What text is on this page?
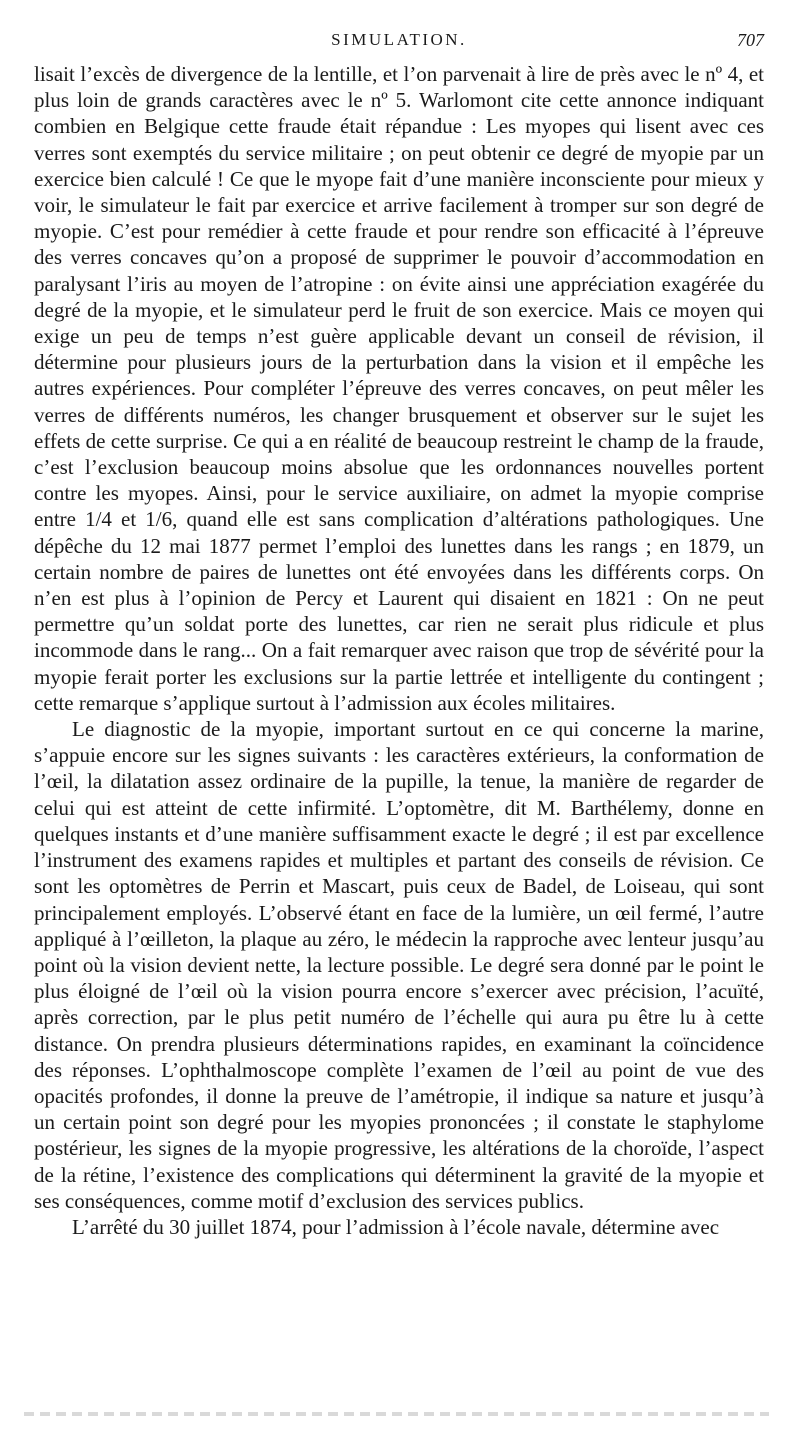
SIMULATION.	707

lisait l’excès de divergence de la lentille, et l’on parvenait à lire de près avec le nº 4, et plus loin de grands caractères avec le nº 5. Warlomont cite cette annonce indiquant combien en Belgique cette fraude était répandue : Les myopes qui lisent avec ces verres sont exemptés du service militaire ; on peut obtenir ce degré de myopie par un exercice bien calculé ! Ce que le myope fait d’une manière inconsciente pour mieux y voir, le simulateur le fait par exercice et arrive facilement à tromper sur son degré de myopie. C’est pour remédier à cette fraude et pour rendre son efficacité à l’épreuve des verres concaves qu’on a proposé de supprimer le pouvoir d’accommodation en paralysant l’iris au moyen de l’atropine : on évite ainsi une appréciation exagérée du degré de la myopie, et le simulateur perd le fruit de son exercice. Mais ce moyen qui exige un peu de temps n’est guère applicable devant un conseil de révision, il détermine pour plusieurs jours de la perturbation dans la vision et il empêche les autres expériences. Pour compléter l’épreuve des verres concaves, on peut mêler les verres de différents numéros, les changer brusquement et observer sur le sujet les effets de cette surprise. Ce qui a en réalité de beaucoup restreint le champ de la fraude, c’est l’exclusion beaucoup moins absolue que les ordonnances nouvelles portent contre les myopes. Ainsi, pour le service auxiliaire, on admet la myopie comprise entre 1/4 et 1/6, quand elle est sans complication d’altérations pathologiques. Une dépêche du 12 mai 1877 permet l’emploi des lunettes dans les rangs ; en 1879, un certain nombre de paires de lunettes ont été envoyées dans les différents corps. On n’en est plus à l’opinion de Percy et Laurent qui disaient en 1821 : On ne peut permettre qu’un soldat porte des lunettes, car rien ne serait plus ridicule et plus incommode dans le rang... On a fait remarquer avec raison que trop de sévérité pour la myopie ferait porter les exclusions sur la partie lettrée et intelligente du contingent ; cette remarque s’applique surtout à l’admission aux écoles militaires.

Le diagnostic de la myopie, important surtout en ce qui concerne la marine, s’appuie encore sur les signes suivants : les caractères extérieurs, la conformation de l’œil, la dilatation assez ordinaire de la pupille, la tenue, la manière de regarder de celui qui est atteint de cette infirmité. L’optomètre, dit M. Barthélemy, donne en quelques instants et d’une manière suffisamment exacte le degré ; il est par excellence l’instrument des examens rapides et multiples et partant des conseils de révision. Ce sont les optomètres de Perrin et Mascart, puis ceux de Badel, de Loiseau, qui sont principalement employés. L’observé étant en face de la lumière, un œil fermé, l’autre appliqué à l’œilleton, la plaque au zéro, le médecin la rapproche avec lenteur jusqu’au point où la vision devient nette, la lecture possible. Le degré sera donné par le point le plus éloigné de l’œil où la vision pourra encore s’exercer avec précision, l’acuïté, après correction, par le plus petit numéro de l’échelle qui aura pu être lu à cette distance. On prendra plusieurs déterminations rapides, en examinant la coïncidence des réponses. L’ophthalmoscope complète l’examen de l’œil au point de vue des opacités profondes, il donne la preuve de l’amétropie, il indique sa nature et jusqu’à un certain point son degré pour les myopies prononcées ; il constate le staphylome postérieur, les signes de la myopie progressive, les altérations de la choroïde, l’aspect de la rétine, l’existence des complications qui déterminent la gravité de la myopie et ses conséquences, comme motif d’exclusion des services publics.

L’arrêté du 30 juillet 1874, pour l’admission à l’école navale, détermine avec
